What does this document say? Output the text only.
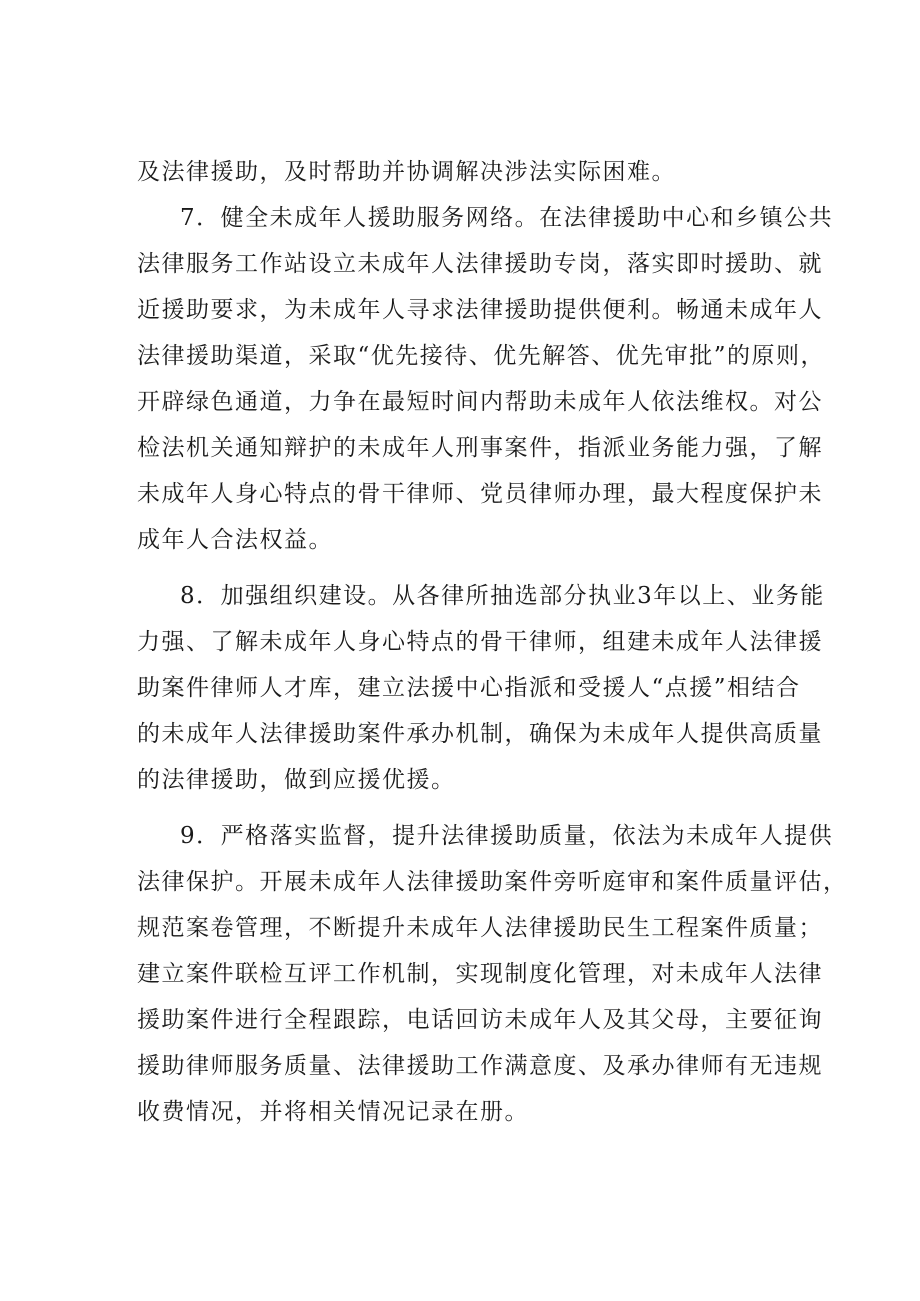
及法律援助，及时帮助并协调解决涉法实际困难。
7．健全未成年人援助服务网络。在法律援助中心和乡镇公共
法律服务工作站设立未成年人法律援助专岗，落实即时援助、就
近援助要求，为未成年人寻求法律援助提供便利。畅通未成年人
法律援助渠道，采取“优先接待、优先解答、优先审批”的原则，
开辟绿色通道，力争在最短时间内帮助未成年人依法维权。对公
检法机关通知辩护的未成年人刑事案件，指派业务能力强，了解
未成年人身心特点的骨干律师、党员律师办理，最大程度保护未
成年人合法权益。
8．加强组织建设。从各律所抽选部分执业3年以上、业务能
力强、了解未成年人身心特点的骨干律师，组建未成年人法律援
助案件律师人才库，建立法援中心指派和受援人“点援”相结合
的未成年人法律援助案件承办机制，确保为未成年人提供高质量
的法律援助，做到应援优援。
9．严格落实监督，提升法律援助质量，依法为未成年人提供
法律保护。开展未成年人法律援助案件旁听庭审和案件质量评估，
规范案卷管理，不断提升未成年人法律援助民生工程案件质量；
建立案件联检互评工作机制，实现制度化管理，对未成年人法律
援助案件进行全程跟踪，电话回访未成年人及其父母，主要征询
援助律师服务质量、法律援助工作满意度、及承办律师有无违规
收费情况，并将相关情况记录在册。
